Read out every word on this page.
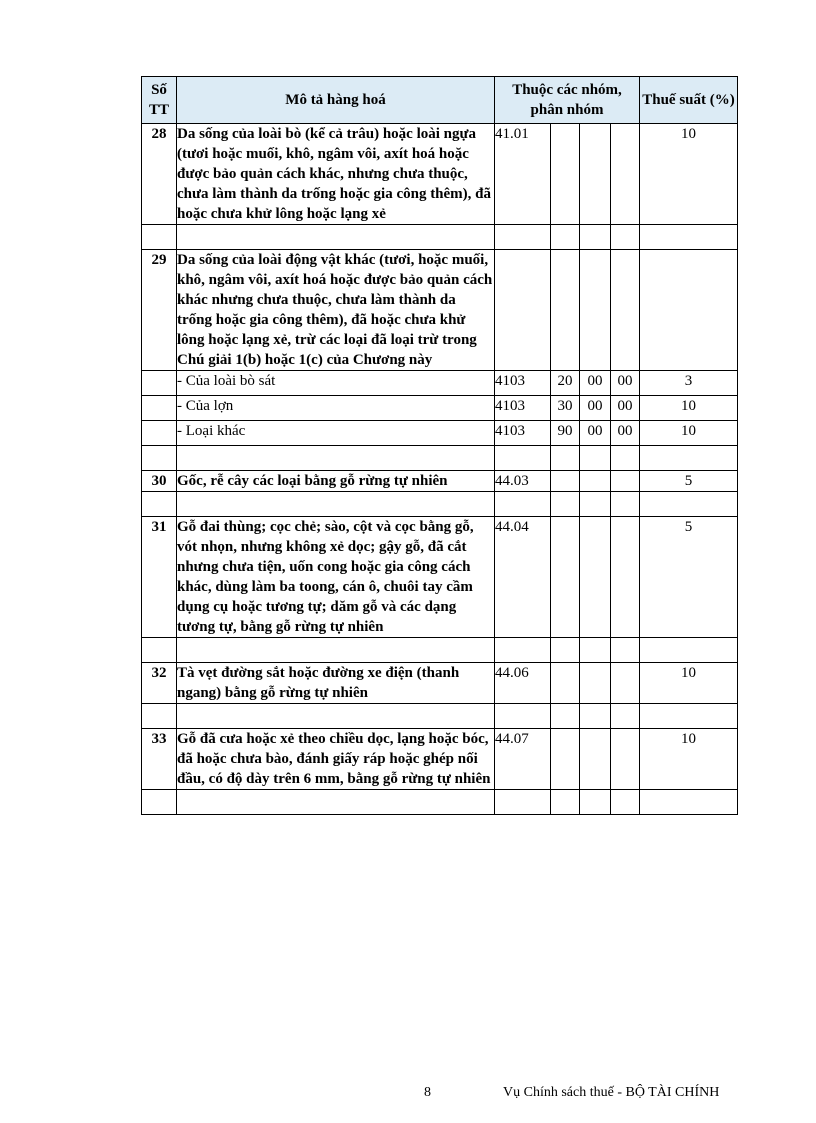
Số TT	Mô tả hàng hoá	Thuộc các nhóm, phân nhóm				Thuế suất (%)
28	Da sống của loài bò (kể cả trâu) hoặc loài ngựa (tươi hoặc muối, khô, ngâm vôi, axít hoá hoặc được bảo quản cách khác, nhưng chưa thuộc, chưa làm thành da trống hoặc gia công thêm), đã hoặc chưa khử lông hoặc lạng xẻ	41.01				10

29	Da sống của loài động vật khác (tươi, hoặc muối, khô, ngâm vôi, axít hoá hoặc được bảo quản cách khác nhưng chưa thuộc, chưa làm thành da trống hoặc gia công thêm), đã hoặc chưa khử lông hoặc lạng xẻ, trừ các loại đã loại trừ trong Chú giải 1(b) hoặc 1(c) của Chương này					
	- Của loài bò sát	4103	20	00	00	3
	- Của lợn	4103	30	00	00	10
	- Loại khác	4103	90	00	00	10

30	Gốc, rễ cây các loại bằng gỗ rừng tự nhiên	44.03				5

31	Gỗ đai thùng; cọc chẻ; sào, cột và cọc bằng gỗ, vót nhọn, nhưng không xẻ dọc; gậy gỗ, đã cắt nhưng chưa tiện, uốn cong hoặc gia công cách khác, dùng làm ba toong, cán ô, chuôi tay cầm dụng cụ hoặc tương tự; dăm gỗ và các dạng tương tự, bằng gỗ rừng tự nhiên	44.04				5

32	Tà vẹt đường sắt hoặc đường xe điện (thanh ngang) bằng gỗ rừng tự nhiên	44.06				10

33	Gỗ đã cưa hoặc xẻ theo chiều dọc, lạng hoặc bóc, đã hoặc chưa bào, đánh giấy ráp hoặc ghép nối đầu, có độ dày trên 6 mm, bằng gỗ rừng tự nhiên	44.07				10

8	Vụ Chính sách thuế - BỘ TÀI CHÍNH
